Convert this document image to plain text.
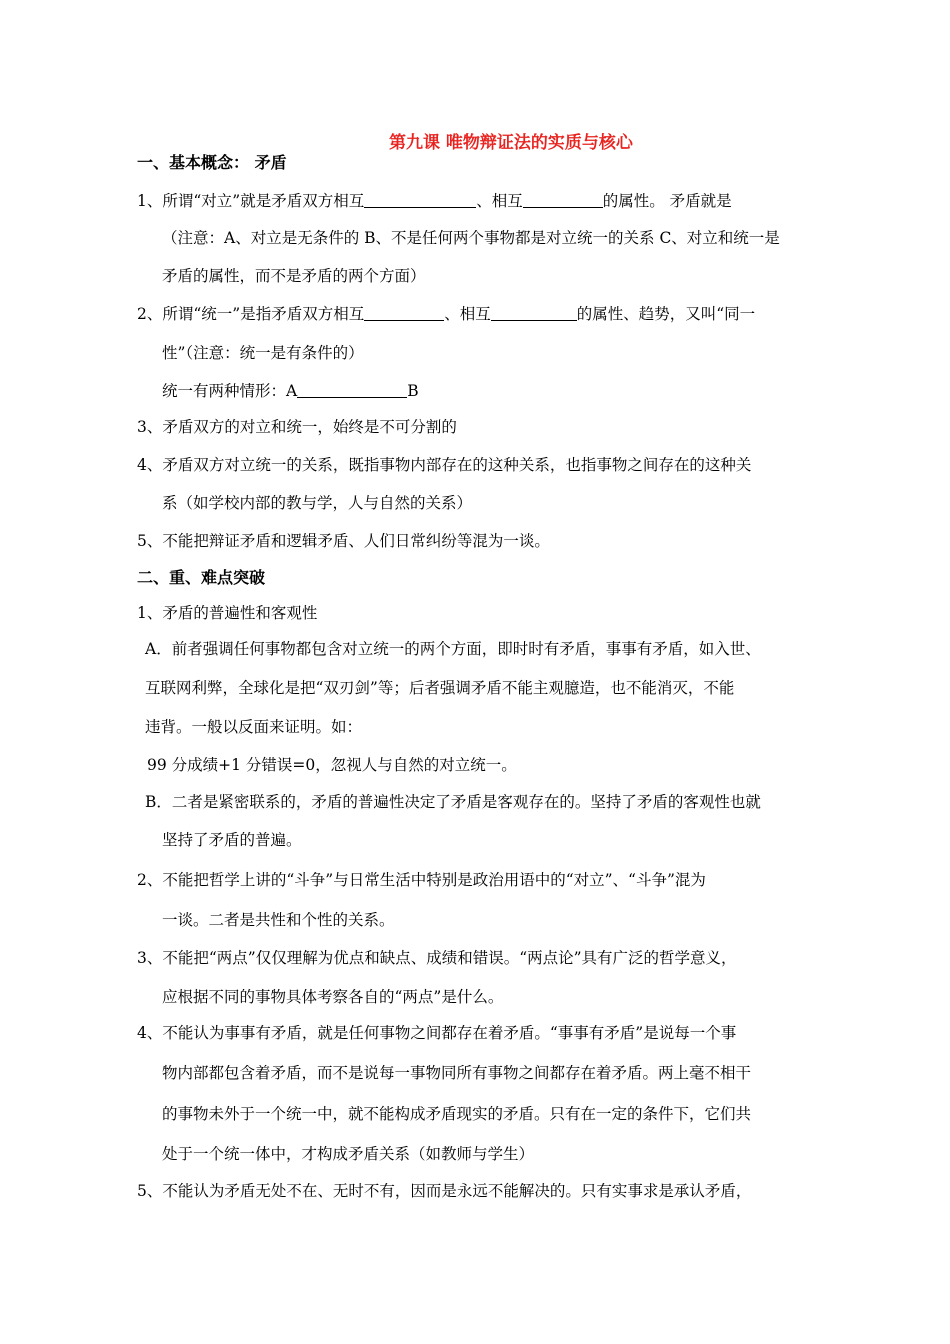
第九课 唯物辩证法的实质与核心
一、基本概念： 矛盾
1、所谓“对立”就是矛盾双方相互	、相互	的属性。 矛盾就是
（注意：A、对立是无条件的 B、不是任何两个事物都是对立统一的关系 C、对立和统一是
矛盾的属性，而不是矛盾的两个方面）
2、所谓“统一”是指矛盾双方相互	、相互	的属性、趋势，又叫“同一
性”（注意：统一是有条件的）
统一有两种情形：A	B
3、矛盾双方的对立和统一，始终是不可分割的
4、矛盾双方对立统一的关系，既指事物内部存在的这种关系，也指事物之间存在的这种关
系（如学校内部的教与学，人与自然的关系）
5、不能把辩证矛盾和逻辑矛盾、人们日常纠纷等混为一谈。
二、重、难点突破
1、矛盾的普遍性和客观性
A．前者强调任何事物都包含对立统一的两个方面，即时时有矛盾，事事有矛盾，如入世、
互联网利弊，全球化是把“双刃剑”等；后者强调矛盾不能主观臆造，也不能消灭，不能
违背。一般以反面来证明。如：
99 分成绩+1 分错误=0，忽视人与自然的对立统一。
B．二者是紧密联系的，矛盾的普遍性决定了矛盾是客观存在的。坚持了矛盾的客观性也就
坚持了矛盾的普遍。
2、不能把哲学上讲的“斗争”与日常生活中特别是政治用语中的“对立”、“斗争”混为
一谈。二者是共性和个性的关系。
3、不能把“两点”仅仅理解为优点和缺点、成绩和错误。“两点论”具有广泛的哲学意义，
应根据不同的事物具体考察各自的“两点”是什么。
4、不能认为事事有矛盾，就是任何事物之间都存在着矛盾。“事事有矛盾”是说每一个事
物内部都包含着矛盾，而不是说每一事物同所有事物之间都存在着矛盾。两上毫不相干
的事物未外于一个统一中，就不能构成矛盾现实的矛盾。只有在一定的条件下，它们共
处于一个统一体中，才构成矛盾关系（如教师与学生）
5、不能认为矛盾无处不在、无时不有，因而是永远不能解决的。只有实事求是承认矛盾，
